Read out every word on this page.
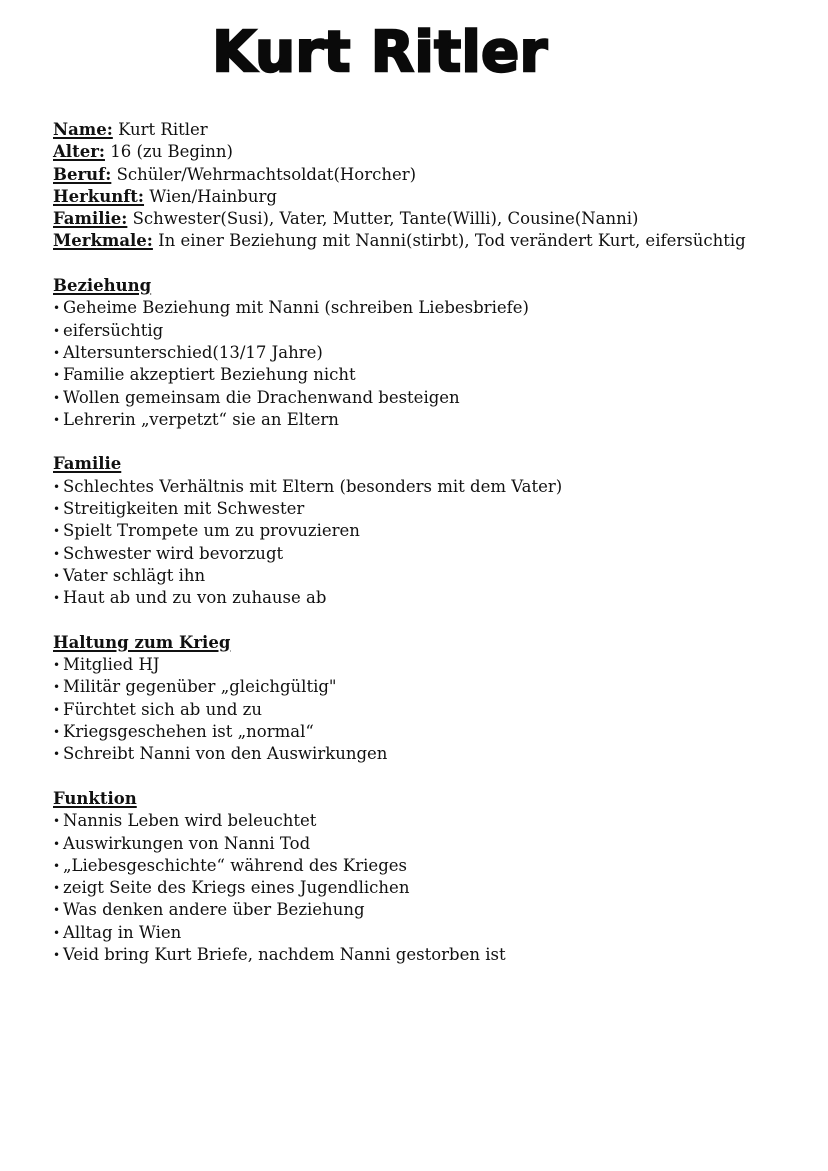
Kurt Ritler
Name: Kurt Ritler
Alter: 16 (zu Beginn)
Beruf: Schüler/Wehrmachtsoldat(Horcher)
Herkunft: Wien/Hainburg
Familie: Schwester(Susi), Vater, Mutter, Tante(Willi), Cousine(Nanni)
Merkmale: In einer Beziehung mit Nanni(stirbt), Tod verändert Kurt, eifersüchtig
Beziehung
• Geheime Beziehung mit Nanni (schreiben Liebesbriefe)
• eifersüchtig
• Altersunterschied(13/17 Jahre)
• Familie akzeptiert Beziehung nicht
• Wollen gemeinsam die Drachenwand besteigen
• Lehrerin „verpetzt“ sie an Eltern
Familie
• Schlechtes Verhältnis mit Eltern (besonders mit dem Vater)
• Streitigkeiten mit Schwester
• Spielt Trompete um zu provuzieren
• Schwester wird bevorzugt
• Vater schlägt ihn
• Haut ab und zu von zuhause ab
Haltung zum Krieg
• Mitglied HJ
• Militär gegenüber „gleichgültig"
• Fürchtet sich ab und zu
• Kriegsgeschehen ist „normal“
• Schreibt Nanni von den Auswirkungen
Funktion
• Nannis Leben wird beleuchtet
• Auswirkungen von Nanni Tod
• „Liebesgeschichte“ während des Krieges
• zeigt Seite des Kriegs eines Jugendlichen
• Was denken andere über Beziehung
• Alltag in Wien
• Veid bring Kurt Briefe, nachdem Nanni gestorben ist
